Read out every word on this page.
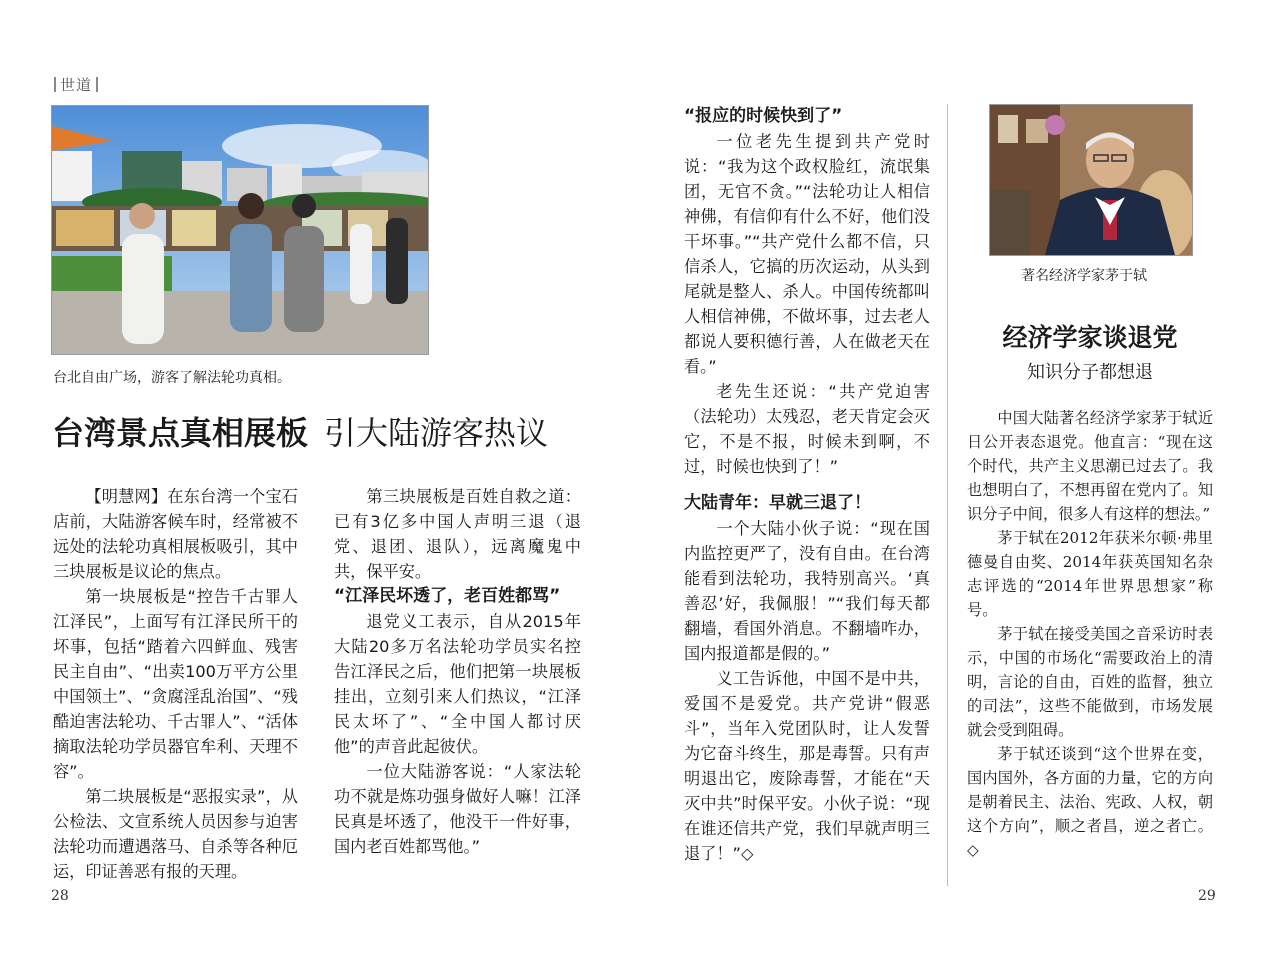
世道
台北自由广场，游客了解法轮功真相。
台湾景点真相展板 引大陆游客热议

【明慧网】在东台湾一个宝石店前，大陆游客候车时，经常被不远处的法轮功真相展板吸引，其中三块展板是议论的焦点。

第一块展板是“控告千古罪人江泽民”，上面写有江泽民所干的坏事，包括“踏着六四鲜血、残害民主自由”、“出卖100万平方公里中国领土”、“贪腐淫乱治国”、“残酷迫害法轮功、千古罪人”、“活体摘取法轮功学员器官牟利、天理不容”。

第二块展板是“恶报实录”，从公检法、文宣系统人员因参与迫害法轮功而遭遇落马、自杀等各种厄运，印证善恶有报的天理。

第三块展板是百姓自救之道：已有3亿多中国人声明三退（退党、退团、退队），远离魔鬼中共，保平安。

“江泽民坏透了，老百姓都骂”

退党义工表示，自从2015年大陆20多万名法轮功学员实名控告江泽民之后，他们把第一块展板挂出，立刻引来人们热议，“江泽民太坏了”、“全中国人都讨厌他”的声音此起彼伏。

一位大陆游客说：“人家法轮功不就是炼功强身做好人嘛！江泽民真是坏透了，他没干一件好事，国内老百姓都骂他。”

28

“报应的时候快到了”

一位老先生提到共产党时说：“我为这个政权脸红，流氓集团，无官不贪。”“法轮功让人相信神佛，有信仰有什么不好，他们没干坏事。”“共产党什么都不信，只信杀人，它搞的历次运动，从头到尾就是整人、杀人。中国传统都叫人相信神佛，不做坏事，过去老人都说人要积德行善，人在做老天在看。”

老先生还说：“共产党迫害（法轮功）太残忍，老天肯定会灭它，不是不报，时候未到啊，不过，时候也快到了！”

大陆青年：早就三退了！

一个大陆小伙子说：“现在国内监控更严了，没有自由。在台湾能看到法轮功，我特别高兴。‘真善忍’好，我佩服！”“我们每天都翻墙，看国外消息。不翻墙咋办，国内报道都是假的。”

义工告诉他，中国不是中共，爱国不是爱党。共产党讲“假恶斗”，当年入党团队时，让人发誓为它奋斗终生，那是毒誓。只有声明退出它，废除毒誓，才能在“天灭中共”时保平安。小伙子说：“现在谁还信共产党，我们早就声明三退了！”◇

著名经济学家茅于轼
经济学家谈退党
知识分子都想退

中国大陆著名经济学家茅于轼近日公开表态退党。他直言：“现在这个时代，共产主义思潮已过去了。我也想明白了，不想再留在党内了。知识分子中间，很多人有这样的想法。”

茅于轼在2012年获米尔顿·弗里德曼自由奖、2014年获英国知名杂志评选的“2014年世界思想家”称号。

茅于轼在接受美国之音采访时表示，中国的市场化“需要政治上的清明，言论的自由，百姓的监督，独立的司法”，这些不能做到，市场发展就会受到阻碍。

茅于轼还谈到“这个世界在变，国内国外，各方面的力量，它的方向是朝着民主、法治、宪政、人权，朝这个方向”，顺之者昌，逆之者亡。◇

29
